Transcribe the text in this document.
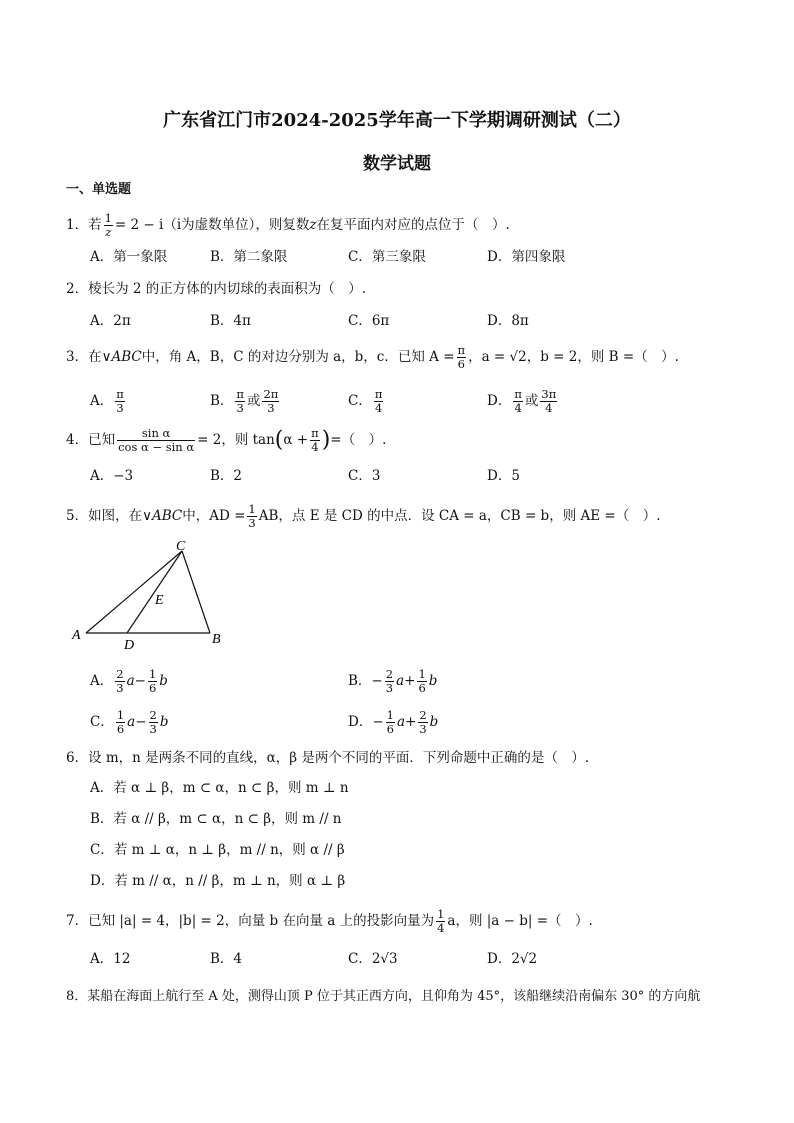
广东省江门市2024-2025学年高一下学期调研测试（二）
数学试题
一、单选题
1．若 $\frac{1}{z} = 2 - i(i$为虚数单位），则复数z在复平面内对应的点位于（　）.
A．第一象限	B．第二象限	C．第三象限	D．第四象限
2．棱长为 2 的正方体的内切球的表面积为（　）.
A．2π	B．4π	C．6π	D．8π
3．在∨ABC中，角 A，B，C 的对边分别为 a，b，c．已知 $A = \frac{\pi}{6}$ ，a = √2，b = 2，则 B =（　）.
A． $\frac{\pi}{3}$	B． $\frac{\pi}{3}$ 或 $\frac{2\pi}{3}$	C． $\frac{\pi}{4}$	D． $\frac{\pi}{4}$ 或 $\frac{3\pi}{4}$
4．已知 $\frac{\text{sin α}}{\text{cos α − sin α}} = 2$，则 $\tan(\alpha + \frac{\pi}{4}$ )=（　）.
A．−3	B．2	C．3	D．5
5．如图，在∨ABC中，AD = $\frac{1}{3}$ AB，点 E 是 CD 的中点．设 CA = a，CB = b，则 AE =（　）.
C
E
A
D	B
A． $\frac{2}{3} a- \frac{1}{6}$ b	B．− $\frac{2}{3} a+ \frac{1}{6}$ b
C． $\frac{1}{6} a- \frac{2}{3}$ b	D．− $\frac{1}{6} a+ \frac{2}{3}$ b
6．设 m，n 是两条不同的直线，α，β 是两个不同的平面．下列命题中正确的是（　）.
A．若 α ⊥ β，m ⊂ α，n ⊂ β，则 m ⊥ n
B．若 α // β，m ⊂ α，n ⊂ β，则 m // n
C．若 m ⊥ α，n ⊥ β，m // n，则 α // β
D．若 m // α，n // β，m ⊥ n，则 α ⊥ β
7．已知 |a| = 4，|b| = 2，向量 b 在向量 a 上的投影向量为 $\frac{1}{4}$ a，则 |a − b| =（　）.
A．12	B．4	C．2√3	D．2√2
8．某船在海面上航行至 A 处，测得山顶 P 位于其正西方向，且仰角为 45°，该船继续沿南偏东 30° 的方向航
